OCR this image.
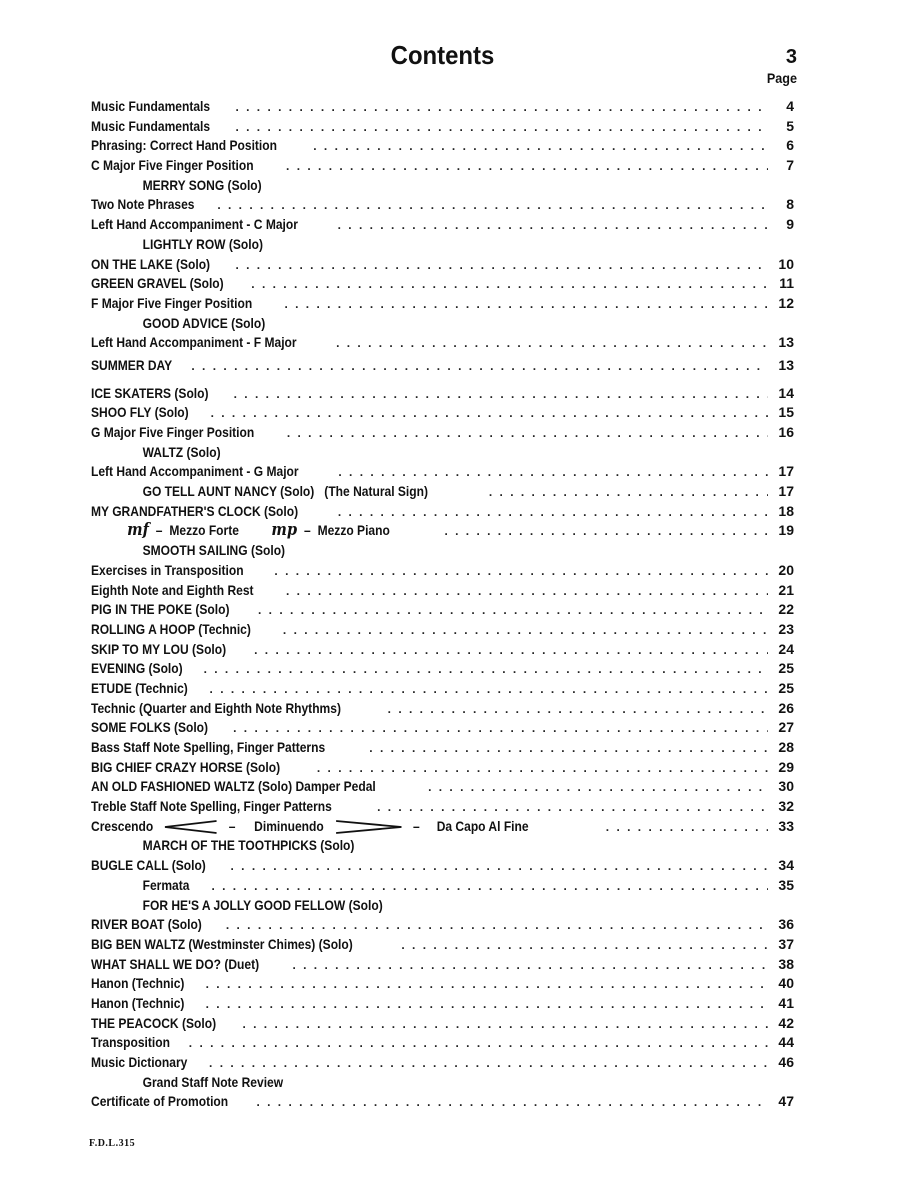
Contents	3
Page
Music Fundamentals . . .	4
Music Fundamentals . . .	5
Phrasing: Correct Hand Position . . .	6
C Major Five Finger Position . . .	7
MERRY SONG (Solo)
Two Note Phrases . . .	8
Left Hand Accompaniment - C Major . . .	9
LIGHTLY ROW (Solo)
ON THE LAKE (Solo) . . .	10
GREEN GRAVEL (Solo) . . .	11
F Major Five Finger Position . . .	12
GOOD ADVICE (Solo)
Left Hand Accompaniment - F Major . . .	13
SUMMER DAY . . .	13
ICE SKATERS (Solo) . . .	14
SHOO FLY (Solo) . . .	15
G Major Five Finger Position . . .	16
WALTZ (Solo)
Left Hand Accompaniment - G Major . . .	17
GO TELL AUNT NANCY (Solo)   (The Natural Sign) . . .	17
MY GRANDFATHER'S CLOCK (Solo) . . .	18
mf – Mezzo Forte mp – Mezzo Piano . . .	19
SMOOTH SAILING (Solo)
Exercises in Transposition . . .	20
Eighth Note and Eighth Rest . . .	21
PIG IN THE POKE (Solo) . . .	22
ROLLING A HOOP (Technic) . . .	23
SKIP TO MY LOU (Solo) . . .	24
EVENING (Solo) . . .	25
ETUDE (Technic) . . .	25
Technic (Quarter and Eighth Note Rhythms) . . .	26
SOME FOLKS (Solo) . . .	27
Bass Staff Note Spelling, Finger Patterns . . .	28
BIG CHIEF CRAZY HORSE (Solo) . . .	29
AN OLD FASHIONED WALTZ (Solo) Damper Pedal . . .	30
Treble Staff Note Spelling, Finger Patterns . . .	32
Crescendo	– Diminuendo	– Da Capo Al Fine . . .	33
MARCH OF THE TOOTHPICKS (Solo)
BUGLE CALL (Solo) . . .	34
Fermata . . .	35
FOR HE'S A JOLLY GOOD FELLOW (Solo)
RIVER BOAT (Solo) . . .	36
BIG BEN WALTZ (Westminster Chimes) (Solo) . . .	37
WHAT SHALL WE DO? (Duet) . . .	38
Hanon (Technic) . . .	40
Hanon (Technic) . . .	41
THE PEACOCK (Solo) . . .	42
Transposition . . .	44
Music Dictionary . . .	46
Grand Staff Note Review
Certificate of Promotion . . .	47
F.D.L.315
